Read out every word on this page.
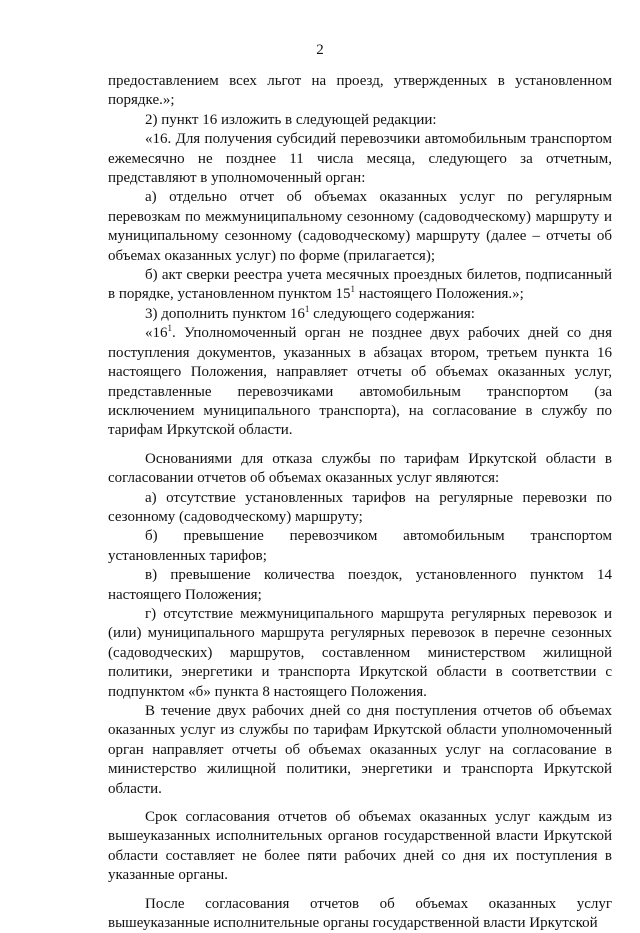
2

предоставлением всех льгот на проезд, утвержденных в установленном порядке.»;

2) пункт 16 изложить в следующей редакции:

«16. Для получения субсидий перевозчики автомобильным транспортом ежемесячно не позднее 11 числа месяца, следующего за отчетным, представляют в уполномоченный орган:

а) отдельно отчет об объемах оказанных услуг по регулярным перевозкам по межмуниципальному сезонному (садоводческому) маршруту и муниципальному сезонному (садоводческому) маршруту (далее – отчеты об объемах оказанных услуг) по форме (прилагается);

б) акт сверки реестра учета месячных проездных билетов, подписанный в порядке, установленном пунктом $15^1$ настоящего Положения.»;

3) дополнить пунктом $16^1$ следующего содержания:

«$16^1$. Уполномоченный орган не позднее двух рабочих дней со дня поступления документов, указанных в абзацах втором, третьем пункта 16 настоящего Положения, направляет отчеты об объемах оказанных услуг, представленные перевозчиками автомобильным транспортом (за исключением муниципального транспорта), на согласование в службу по тарифам Иркутской области.

Основаниями для отказа службы по тарифам Иркутской области в согласовании отчетов об объемах оказанных услуг являются:

а) отсутствие установленных тарифов на регулярные перевозки по сезонному (садоводческому) маршруту;

б) превышение перевозчиком автомобильным транспортом установленных тарифов;

в) превышение количества поездок, установленного пунктом 14 настоящего Положения;

г) отсутствие межмуниципального маршрута регулярных перевозок и (или) муниципального маршрута регулярных перевозок в перечне сезонных (садоводческих) маршрутов, составленном министерством жилищной политики, энергетики и транспорта Иркутской области в соответствии с подпунктом «б» пункта 8 настоящего Положения.

В течение двух рабочих дней со дня поступления отчетов об объемах оказанных услуг из службы по тарифам Иркутской области уполномоченный орган направляет отчеты об объемах оказанных услуг на согласование в министерство жилищной политики, энергетики и транспорта Иркутской области.

Срок согласования отчетов об объемах оказанных услуг каждым из вышеуказанных исполнительных органов государственной власти Иркутской области составляет не более пяти рабочих дней со дня их поступления в указанные органы.

После согласования отчетов об объемах оказанных услуг вышеуказанные исполнительные органы государственной власти Иркутской
